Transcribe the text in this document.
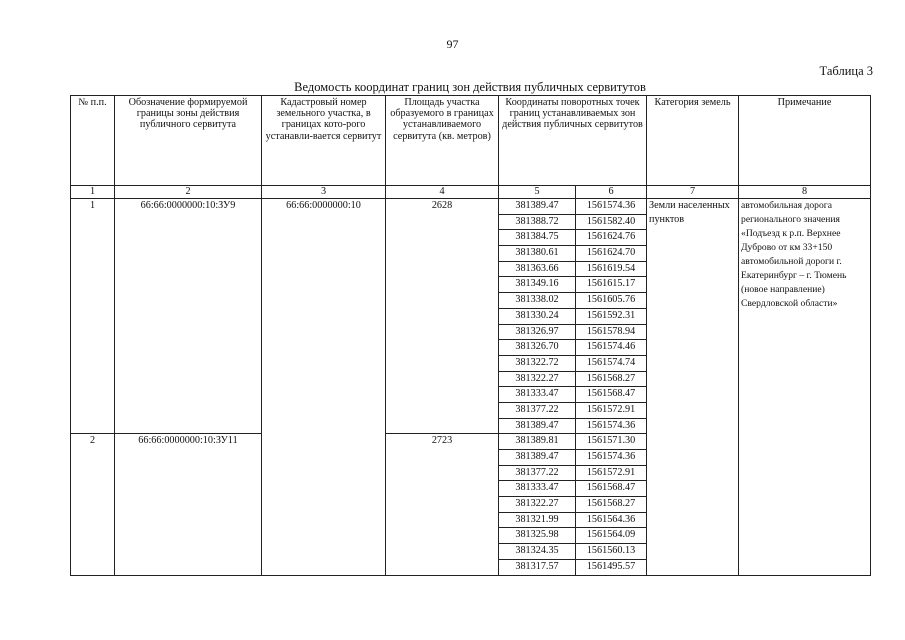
97
Таблица 3
Ведомость координат границ зон действия публичных сервитутов
№ п.п.	Обозначение формируемой границы зоны действия публичного сервитута	Кадастровый номер земельного участка, в границах кото-рого устанавли-вается сервитут	Площадь участка образуемого в границах устанавливаемого сервитута (кв. метров)	Координаты поворотных точек границ устанавливаемых зон действия публичных сервитутов		Категория земель	Примечание
1	2	3	4	5	6	7	8
1	66:66:0000000:10:ЗУ9	66:66:0000000:10	2628	381389.47	1561574.36	Земли населенных пунктов	автомобильная дорога регионального значения «Подъезд к р.п. Верхнее Дуброво от км 33+150 автомобильной дороги г. Екатеринбург – г. Тюмень (новое направление) Свердловской области»
				381388.72	1561582.40		
				381384.75	1561624.76		
				381380.61	1561624.70		
				381363.66	1561619.54		
				381349.16	1561615.17		
				381338.02	1561605.76		
				381330.24	1561592.31		
				381326.97	1561578.94		
				381326.70	1561574.46		
				381322.72	1561574.74		
				381322.27	1561568.27		
				381333.47	1561568.47		
				381377.22	1561572.91		
				381389.47	1561574.36		
2	66:66:0000000:10:ЗУ11		2723	381389.81	1561571.30		
				381389.47	1561574.36		
				381377.22	1561572.91		
				381333.47	1561568.47		
				381322.27	1561568.27		
				381321.99	1561564.36		
				381325.98	1561564.09		
				381324.35	1561560.13		
				381317.57	1561495.57		
